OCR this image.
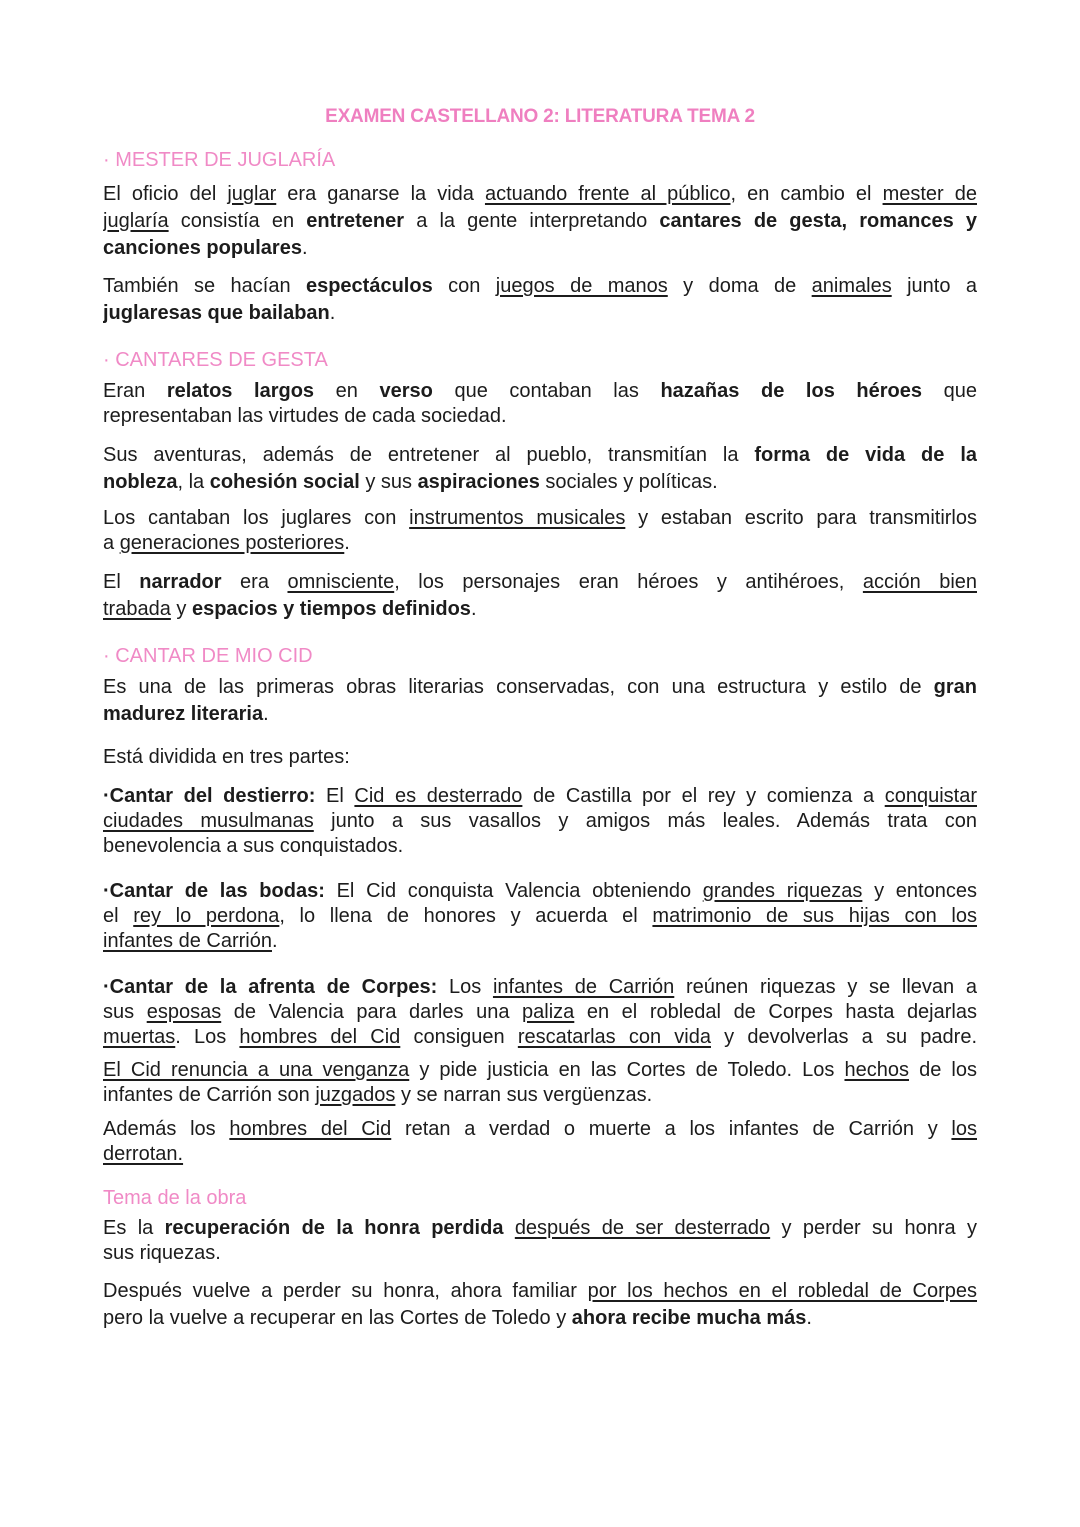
EXAMEN CASTELLANO 2: LITERATURA TEMA 2
· MESTER DE JUGLARÍA
El oficio del juglar era ganarse la vida actuando frente al público, en cambio el mester de
juglaría consistía en entretener a la gente interpretando cantares de gesta, romances y
canciones populares.
También se hacían espectáculos con juegos de manos y doma de animales junto a
juglaresas que bailaban.
· CANTARES DE GESTA
Eran relatos largos en verso que contaban las hazañas de los héroes que
representaban las virtudes de cada sociedad.
Sus aventuras, además de entretener al pueblo, transmitían la forma de vida de la
nobleza, la cohesión social y sus aspiraciones sociales y políticas.
Los cantaban los juglares con instrumentos musicales y estaban escrito para transmitirlos
a generaciones posteriores.
El narrador era omnisciente, los personajes eran héroes y antihéroes, acción bien
trabada y espacios y tiempos definidos.
· CANTAR DE MIO CID
Es una de las primeras obras literarias conservadas, con una estructura y estilo de gran
madurez literaria.
Está dividida en tres partes:
·Cantar del destierro: El Cid es desterrado de Castilla por el rey y comienza a conquistar
ciudades musulmanas junto a sus vasallos y amigos más leales. Además trata con
benevolencia a sus conquistados.
·Cantar de las bodas: El Cid conquista Valencia obteniendo grandes riquezas y entonces
el rey lo perdona, lo llena de honores y acuerda el matrimonio de sus hijas con los
infantes de Carrión.
·Cantar de la afrenta de Corpes: Los infantes de Carrión reúnen riquezas y se llevan a
sus esposas de Valencia para darles una paliza en el robledal de Corpes hasta dejarlas
muertas. Los hombres del Cid consiguen rescatarlas con vida y devolverlas a su padre.
El Cid renuncia a una venganza y pide justicia en las Cortes de Toledo. Los hechos de los
infantes de Carrión son juzgados y se narran sus vergüenzas.
Además los hombres del Cid retan a verdad o muerte a los infantes de Carrión y los
derrotan.
Tema de la obra
Es la recuperación de la honra perdida después de ser desterrado y perder su honra y
sus riquezas.
Después vuelve a perder su honra, ahora familiar por los hechos en el robledal de Corpes
pero la vuelve a recuperar en las Cortes de Toledo y ahora recibe mucha más.
